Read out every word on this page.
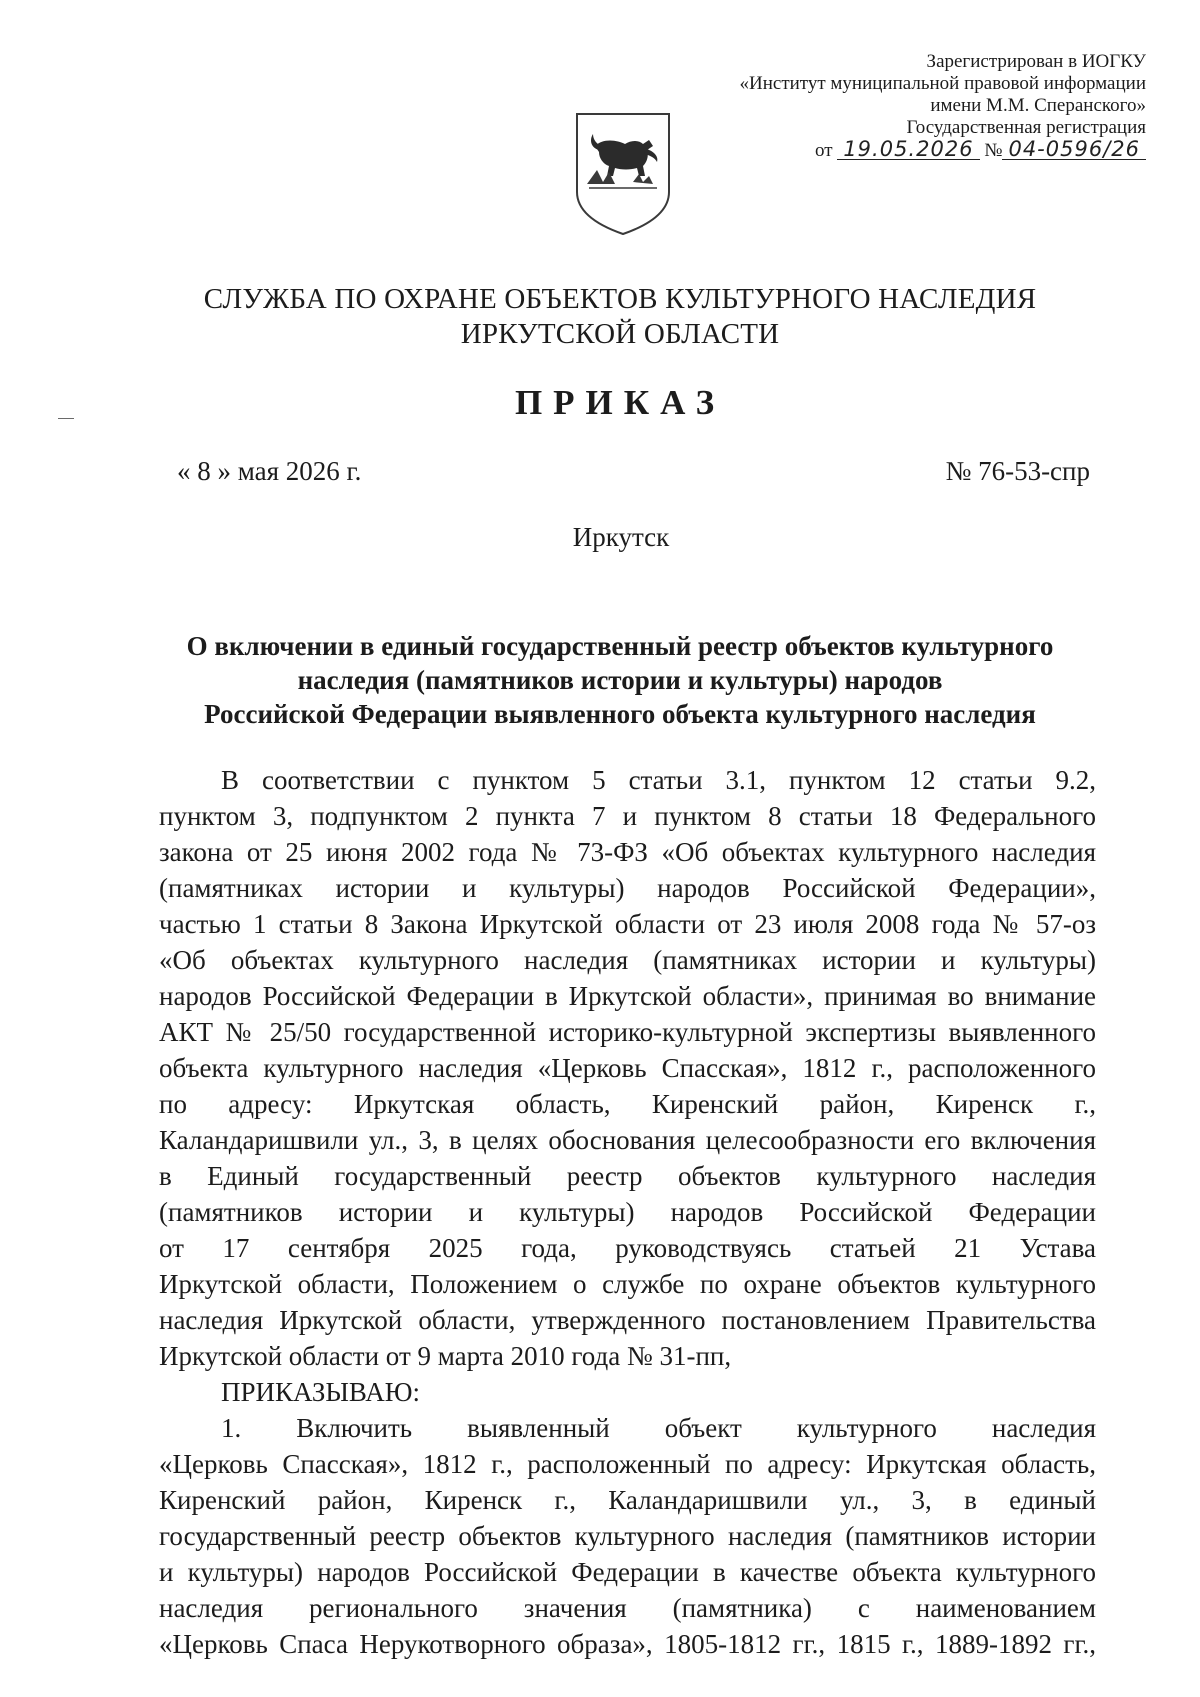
Зарегистрирован в ИОГКУ
«Институт муниципальной правовой информации
имени М.М. Сперанского»
Государственная регистрация
от 19.05.2026 № 04-0596/26
СЛУЖБА ПО ОХРАНЕ ОБЪЕКТОВ КУЛЬТУРНОГО НАСЛЕДИЯ
ИРКУТСКОЙ ОБЛАСТИ
ПРИКАЗ
« 8 » мая 2026 г.	№ 76-53-спр
Иркутск
О включении в единый государственный реестр объектов культурного
наследия (памятников истории и культуры) народов
Российской Федерации выявленного объекта культурного наследия
В соответствии с пунктом 5 статьи 3.1, пунктом 12 статьи 9.2,
пунктом 3, подпунктом 2 пункта 7 и пунктом 8 статьи 18 Федерального
закона от 25 июня 2002 года № 73-ФЗ «Об объектах культурного наследия
(памятниках истории и культуры) народов Российской Федерации»,
частью 1 статьи 8 Закона Иркутской области от 23 июля 2008 года № 57-оз
«Об объектах культурного наследия (памятниках истории и культуры)
народов Российской Федерации в Иркутской области», принимая во внимание
АКТ № 25/50 государственной историко-культурной экспертизы выявленного
объекта культурного наследия «Церковь Спасская», 1812 г., расположенного
по адресу: Иркутская область, Киренский район, Киренск г.,
Каландаришвили ул., 3, в целях обоснования целесообразности его включения
в Единый государственный реестр объектов культурного наследия
(памятников истории и культуры) народов Российской Федерации
от 17 сентября 2025 года, руководствуясь статьей 21 Устава
Иркутской области, Положением о службе по охране объектов культурного
наследия Иркутской области, утвержденного постановлением Правительства
Иркутской области от 9 марта 2010 года № 31-пп,
ПРИКАЗЫВАЮ:
1. Включить выявленный объект культурного наследия
«Церковь Спасская», 1812 г., расположенный по адресу: Иркутская область,
Киренский район, Киренск г., Каландаришвили ул., 3, в единый
государственный реестр объектов культурного наследия (памятников истории
и культуры) народов Российской Федерации в качестве объекта культурного
наследия регионального значения (памятника) с наименованием
«Церковь Спаса Нерукотворного образа», 1805-1812 гг., 1815 г., 1889-1892 гг.,
